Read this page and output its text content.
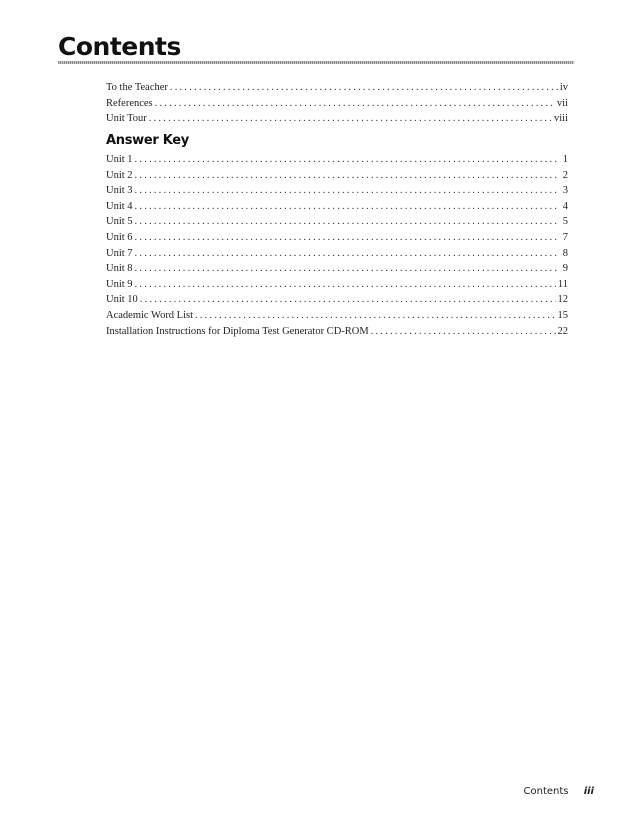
Contents
To the Teacher .....	iv
References .....	vii
Unit Tour .....	viii
Answer Key
Unit 1 .....	1
Unit 2 .....	2
Unit 3 .....	3
Unit 4 .....	4
Unit 5 .....	5
Unit 6 .....	7
Unit 7 .....	8
Unit 8 .....	9
Unit 9 .....	11
Unit 10 .....	12
Academic Word List .....	15
Installation Instructions for Diploma Test Generator CD-ROM .....	22
Contents iii
